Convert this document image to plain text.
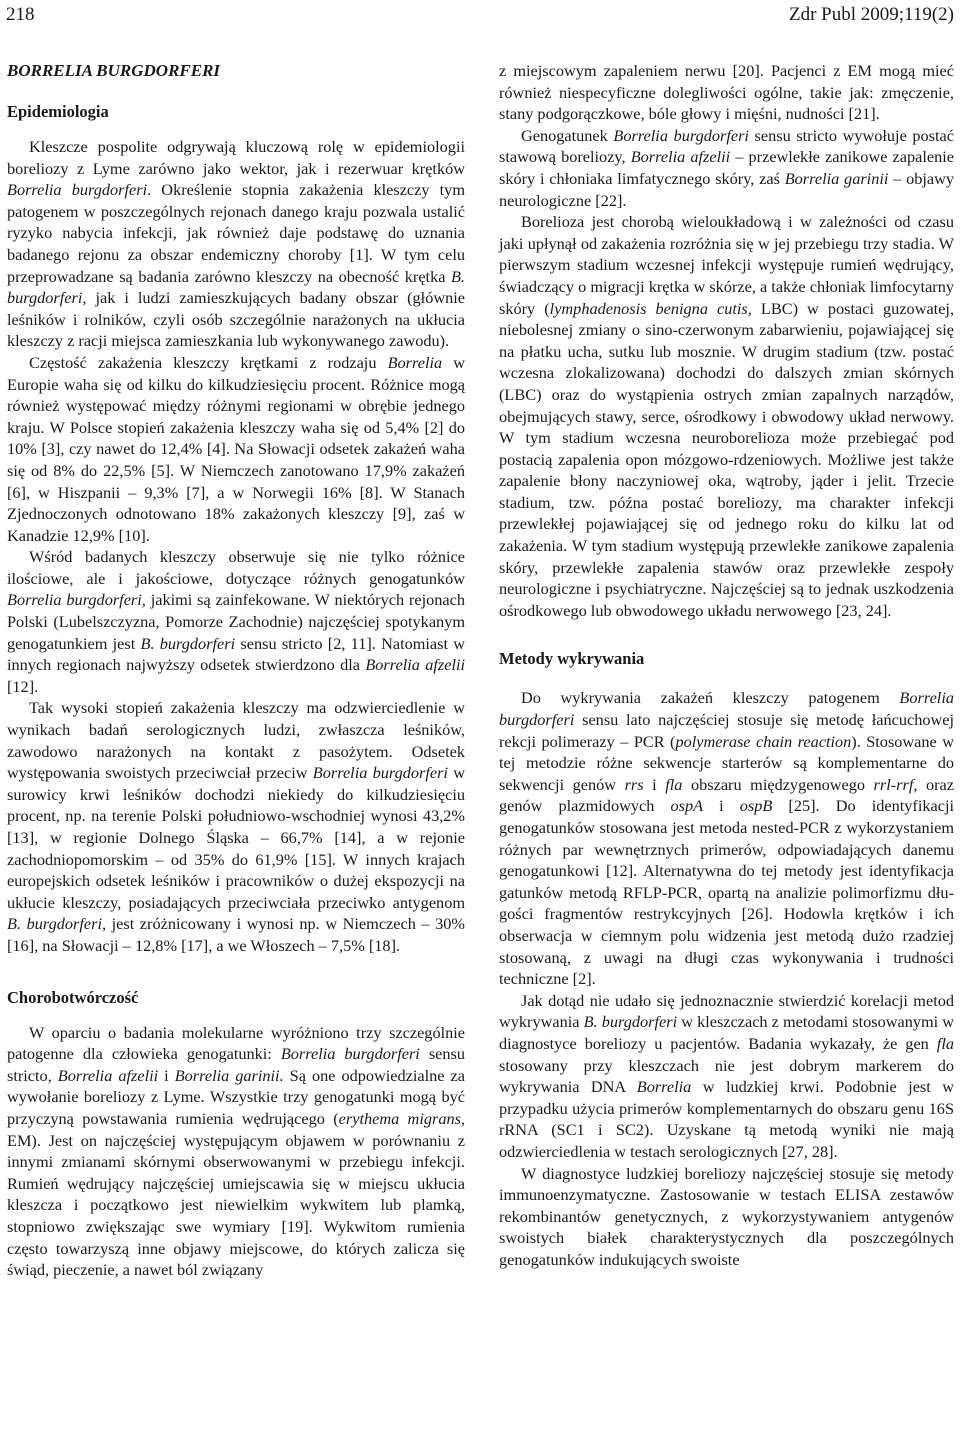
218	Zdr Publ 2009;119(2)
BORRELIA BURGDORFERI
Epidemiologia

Kleszcze pospolite odgrywają kluczową rolę w epidemiologii boreliozy z Lyme zarówno jako wektor, jak i rezerwuar krętków Borrelia burgdorferi. Określenie stopnia zakażenia kleszczy tym patogenem w poszczególnych rejonach danego kraju pozwala ustalić ryzyko nabycia infekcji, jak również daje podstawę do uznania badanego rejonu za obszar endemiczny choroby [1]. W tym celu przeprowadzane są badania zarówno kleszczy na obecność krętka B. burgdorferi, jak i ludzi zamieszkujących badany obszar (głównie leśników i rolników, czyli osób szczególnie narażonych na ukłucia kleszczy z racji miejsca zamieszkania lub wykonywanego zawodu).

Częstość zakażenia kleszczy krętkami z rodzaju Borrelia w Europie waha się od kilku do kilkudziesięciu procent. Różnice mogą również występować między różnymi regionami w obrębie jednego kraju. W Polsce stopień zakażenia kleszczy waha się od 5,4% [2] do 10% [3], czy nawet do 12,4% [4]. Na Słowacji odsetek zakażeń waha się od 8% do 22,5% [5]. W Niemczech zanotowano 17,9% zakażeń [6], w Hiszpanii – 9,3% [7], a w Norwegii 16% [8]. W Stanach Zjednoczonych odnotowano 18% zakażonych kleszczy [9], zaś w Kanadzie 12,9% [10].

Wśród badanych kleszczy obserwuje się nie tylko różnice ilościowe, ale i jakościowe, dotyczące różnych genogatunków Borrelia burgdorferi, jakimi są zainfekowane. W niektórych rejonach Polski (Lubelszczyzna, Pomorze Zachodnie) najczęściej spotykanym genogatunkiem jest B. burgdorferi sensu stricto [2, 11]. Natomiast w innych regionach najwyższy odsetek stwierdzono dla Borrelia afzelii [12].

Tak wysoki stopień zakażenia kleszczy ma odzwierciedlenie w wynikach badań serologicznych ludzi, zwłaszcza leśników, zawodowo narażonych na kontakt z pasożytem. Odsetek występowania swoistych przeciwciał przeciw Borrelia burgdorferi w surowicy krwi leśników dochodzi niekiedy do kilkudziesięciu procent, np. na terenie Polski południowo-wschodniej wynosi 43,2% [13], w regionie Dolnego Śląska – 66,7% [14], a w rejonie zachodniopomorskim – od 35% do 61,9% [15]. W innych krajach europejskich odsetek leśników i pracowników o dużej ekspozycji na ukłucie kleszczy, posiadających przeciwciała przeciwko antygenom B. burgdorferi, jest zróżnicowany i wynosi np. w Niemczech – 30% [16], na Słowacji – 12,8% [17], a we Włoszech – 7,5% [18].

Chorobotwórczość

W oparciu o badania molekularne wyróżniono trzy szczególnie patogenne dla człowieka genogatunki: Borrelia burgdorferi sensu stricto, Borrelia afzelii i Borrelia garinii. Są one odpowiedzialne za wywołanie boreliozy z Lyme. Wszystkie trzy genogatunki mogą być przyczyną powstawania rumienia wędrującego (erythema migrans, EM). Jest on najczęściej występującym objawem w porównaniu z innymi zmianami skórnymi obserwowanymi w przebiegu infekcji. Rumień wędrujący najczęściej umiejscawia się w miejscu ukłucia kleszcza i początkowo jest niewielkim wykwitem lub plamką, stopniowo zwiększając swe wymiary [19]. Wykwitom rumienia często towarzyszą inne objawy miejscowe, do których zalicza się świąd, pieczenie, a nawet ból związany

z miejscowym zapaleniem nerwu [20]. Pacjenci z EM mogą mieć również niespecyficzne dolegliwości ogólne, takie jak: zmęczenie, stany podgorączkowe, bóle głowy i mięśni, nudności [21].

Genogatunek Borrelia burgdorferi sensu stricto wywołuje postać stawową boreliozy, Borrelia afzelii – przewlekłe zanikowe zapalenie skóry i chłoniaka limfatycznego skóry, zaś Borrelia garinii – objawy neurologiczne [22].

Borelioza jest chorobą wieloukładową i w zależności od czasu jaki upłynął od zakażenia rozróżnia się w jej przebiegu trzy stadia. W pierwszym stadium wczesnej infekcji występuje rumień wędrujący, świadczący o migracji krętka w skórze, a także chłoniak limfocytarny skóry (lymphadenosis benigna cutis, LBC) w postaci guzowatej, niebolesnej zmiany o sino-czerwonym zabarwieniu, pojawiającej się na płatku ucha, sutku lub mosznie. W drugim stadium (tzw. postać wczesna zlokalizowana) dochodzi do dalszych zmian skórnych (LBC) oraz do wystąpienia ostrych zmian zapalnych narządów, obejmujących stawy, serce, ośrodkowy i obwodowy układ nerwowy. W tym stadium wczesna neuroborelioza może przebiegać pod postacią zapalenia opon mózgowo-rdzeniowych. Możliwe jest także zapalenie błony naczyniowej oka, wątroby, jąder i jelit. Trzecie stadium, tzw. późna postać boreliozy, ma charakter infekcji przewlekłej pojawiającej się od jednego roku do kilku lat od zakażenia. W tym stadium występują przewlekłe zanikowe zapalenia skóry, przewlekłe zapalenia stawów oraz przewlekłe zespoły neurologiczne i psychiatryczne. Najczęściej są to jednak uszkodzenia ośrodkowego lub obwodowego układu nerwowego [23, 24].

Metody wykrywania

Do wykrywania zakażeń kleszczy patogenem Borrelia burgdorferi sensu lato najczęściej stosuje się metodę łańcuchowej rekcji polimerazy – PCR (polymerase chain reaction). Stosowane w tej metodzie różne sekwencje starterów są komplementarne do sekwencji genów rrs i fla obszaru międzygenowego rrl-rrf, oraz genów plazmidowych ospA i ospB [25]. Do identyfikacji genogatunków stosowana jest metoda nested-PCR z wykorzystaniem różnych par wewnętrznych primerów, odpowiadających danemu genogatunkowi [12]. Alternatywna do tej metody jest identyfikacja gatunków metodą RFLP-PCR, opartą na analizie polimorfizmu długości fragmentów restrykcyjnych [26]. Hodowla krętków i ich obserwacja w ciemnym polu widzenia jest metodą dużo rzadziej stosowaną, z uwagi na długi czas wykonywania i trudności techniczne [2].

Jak dotąd nie udało się jednoznacznie stwierdzić korelacji metod wykrywania B. burgdorferi w kleszczach z metodami stosowanymi w diagnostyce boreliozy u pacjentów. Badania wykazały, że gen fla stosowany przy kleszczach nie jest dobrym markerem do wykrywania DNA Borrelia w ludzkiej krwi. Podobnie jest w przypadku użycia primerów komplementarnych do obszaru genu 16S rRNA (SC1 i SC2). Uzyskane tą metodą wyniki nie mają odzwierciedlenia w testach serologicznych [27, 28].

W diagnostyce ludzkiej boreliozy najczęściej stosuje się metody immunoenzymatyczne. Zastosowanie w testach ELISA zestawów rekombinantów genetycznych, z wykorzystywaniem antygenów swoistych białek charakterystycznych dla poszczególnych genogatunków indukujących swoiste
